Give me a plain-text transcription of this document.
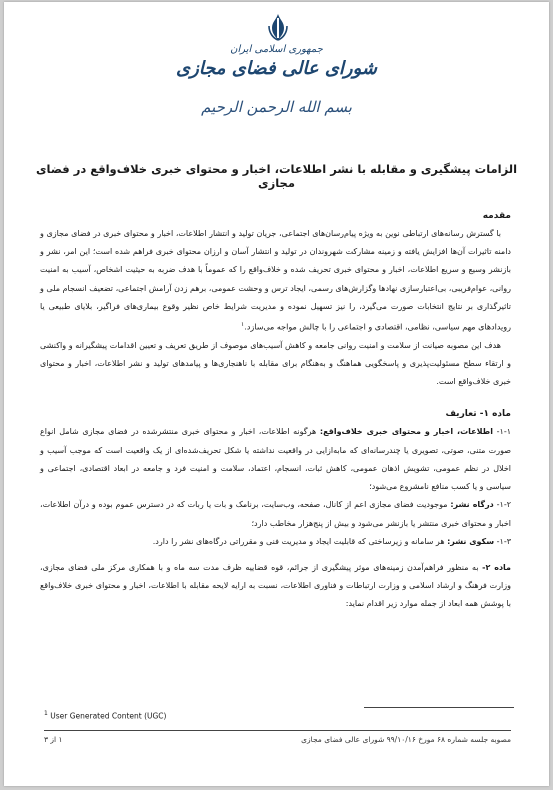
جمهوری اسلامی ایران
شورای عالی فضای مجازی
بسم الله الرحمن الرحیم
الزامات پیشگیری و مقابله با نشر اطلاعات، اخبار و محتوای خبری خلاف‌واقع در فضای مجازی
مقدمه

با گسترش رسانه‌های ارتباطی نوین به ویژه پیام‌رسان‌های اجتماعی، جریان تولید و انتشار اطلاعات، اخبار و محتوای خبری در فضای مجازی و دامنه تاثیرات آن‌ها افزایش یافته و زمینه مشارکت شهروندان در تولید و انتشار آسان و ارزان محتوای خبری فراهم شده است؛ این امر، نشر و بازنشر وسیع و سریع اطلاعات، اخبار و محتوای خبری تحریف شده و خلاف‌واقع را که عموماً با هدف ضربه به حیثیت اشخاص، آسیب به امنیت روانی، عوام‌فریبی، بی‌اعتبارسازی نهادها وگزارش‌های رسمی، ایجاد ترس و وحشت عمومی، برهم زدن آرامش اجتماعی، تضعیف انسجام ملی و تاثیرگذاری بر نتایج انتخابات صورت می‌گیرد، را نیز تسهیل نموده و مدیریت شرایط خاص نظیر وقوع بیماری‌های فراگیر، بلایای طبیعی یا رویدادهای مهم سیاسی، نظامی، اقتصادی و اجتماعی را با چالش مواجه می‌سازد.$^۱$

هدف این مصوبه صیانت از سلامت و امنیت روانی جامعه و کاهش آسیب‌های موصوف از طریق تعریف و تعیین اقدامات پیشگیرانه و واکنشی و ارتقاء سطح مسئولیت‌پذیری و پاسخگویی هماهنگ و به‌هنگام برای مقابله با ناهنجاری‌ها و پیامدهای تولید و نشر اطلاعات، اخبار و محتوای خبری خلاف‌واقع است.

ماده ۱- تعاریف

۱-۱- اطلاعات، اخبار و محتوای خبری خلاف‌واقع: هرگونه اطلاعات، اخبار و محتوای خبری منتشرشده در فضای مجازی شامل انواع صورت متنی، صوتی، تصویری یا چندرسانه‌ای که مابه‌ازایی در واقعیت نداشته یا شکل تحریف‌شده‌ای از یک واقعیت است که موجب آسیب و اخلال در نظم عمومی، تشویش اذهان عمومی، کاهش ثبات، انسجام، اعتماد، سلامت و امنیت فرد و جامعه در ابعاد اقتصادی، اجتماعی و سیاسی و یا کسب منافع نامشروع می‌شود؛

۱-۲- درگاه نشر: موجودیت فضای مجازی اعم از کانال، صفحه، وب‌سایت، برنامک و بات یا ربات که در دسترس عموم بوده و درآن اطلاعات، اخبار و محتوای خبری منتشر یا بازنشر می‌شود و بیش از پنج‌هزار مخاطب دارد؛

۱-۳- سکوی نشر: هر سامانه و زیرساختی که قابلیت ایجاد و مدیریت فنی و مقرراتی درگاه‌های نشر را دارد.

ماده ۲- به منظور فراهم‌آمدن زمینه‌های موثر پیشگیری از جرائم، قوه قضاییه ظرف مدت سه ماه و با همکاری مرکز ملی فضای مجازی، وزارت فرهنگ و ارشاد اسلامی و وزارت ارتباطات و فناوری اطلاعات، نسبت به ارایه لایحه مقابله با اطلاعات، اخبار و محتوای خبری خلاف‌واقع با پوشش همه ابعاد از جمله موارد زیر اقدام نماید:

$^1$ User Generated Content (UGC)
مصوبه جلسه شماره ۶۸ مورخ ۹۹/۱۰/۱۶ شورای عالی فضای مجازی
۱ از ۳
